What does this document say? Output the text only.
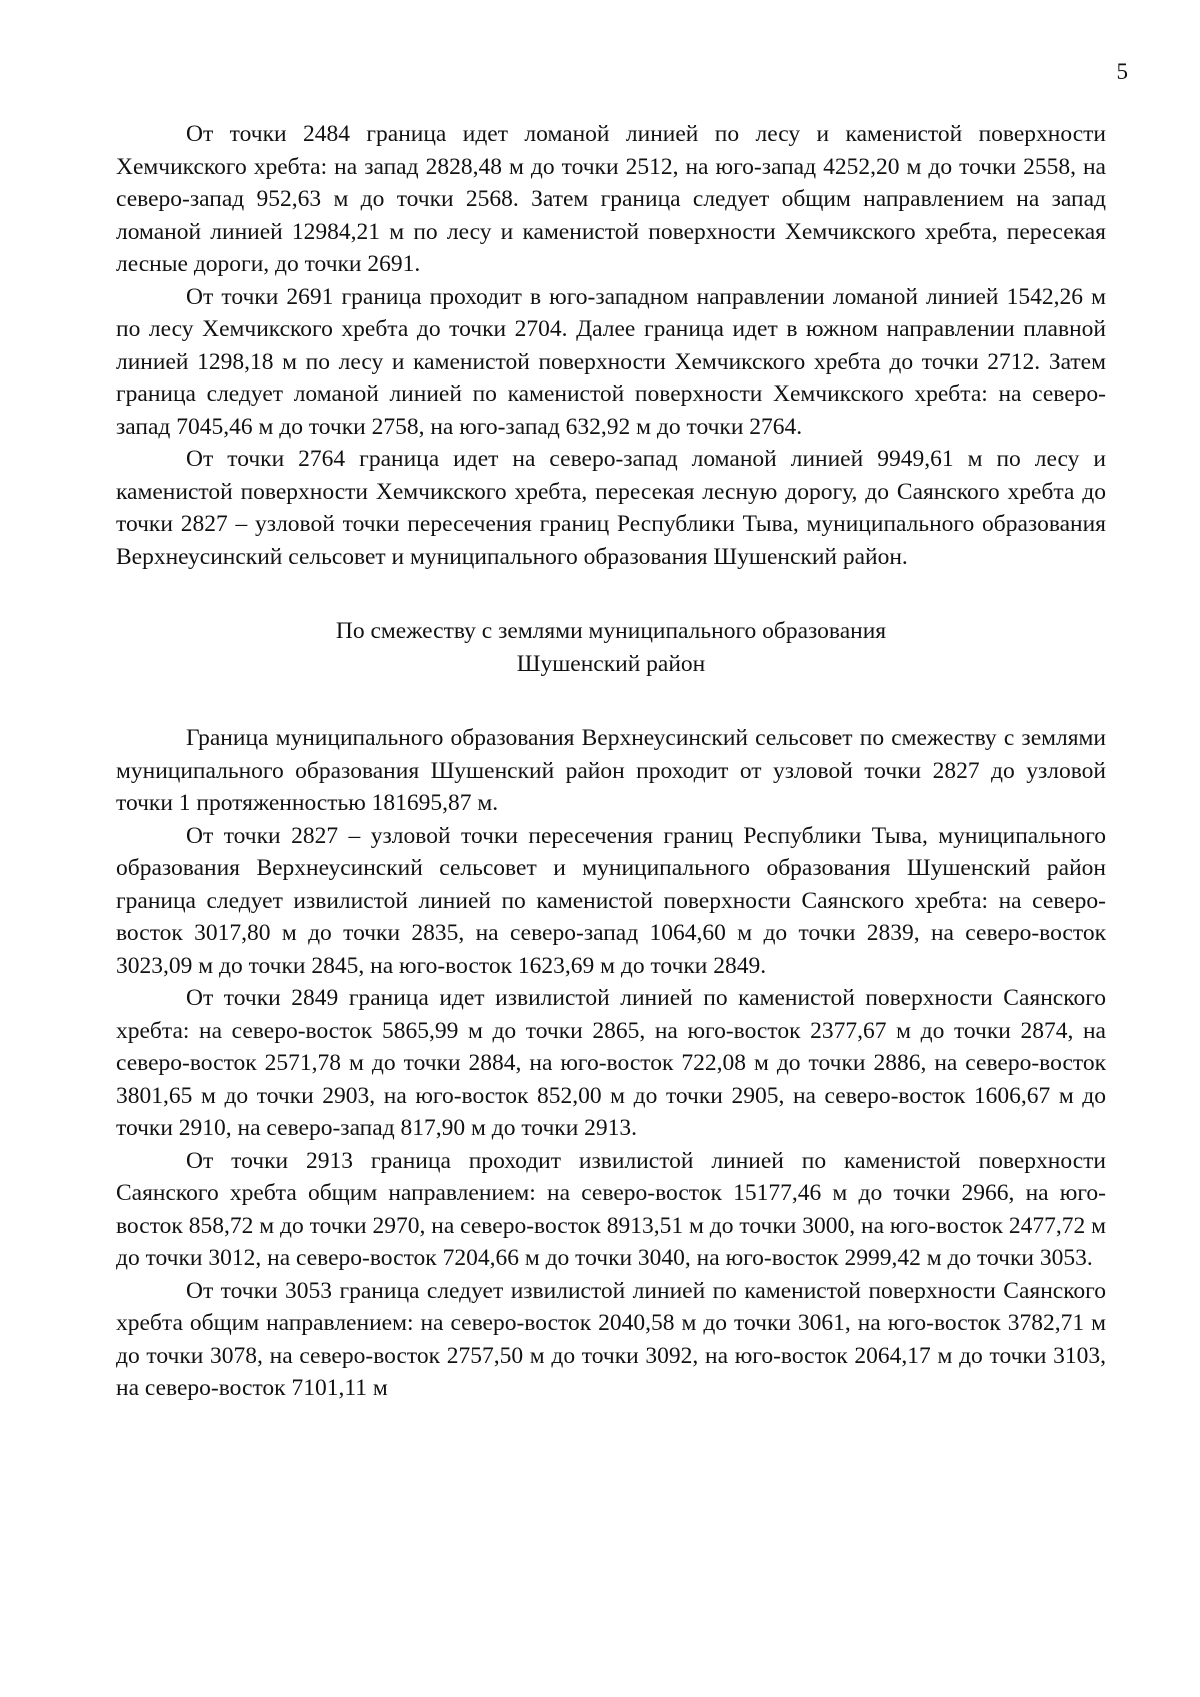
5

От точки 2484 граница идет ломаной линией по лесу и каменистой поверхности Хемчикского хребта: на запад 2828,48 м до точки 2512, на юго-запад 4252,20 м до точки 2558, на северо-запад 952,63 м до точки 2568. Затем граница следует общим направлением на запад ломаной линией 12984,21 м по лесу и каменистой поверхности Хемчикского хребта, пересекая лесные дороги, до точки 2691.

От точки 2691 граница проходит в юго-западном направлении ломаной линией 1542,26 м по лесу Хемчикского хребта до точки 2704. Далее граница идет в южном направлении плавной линией 1298,18 м по лесу и каменистой поверхности Хемчикского хребта до точки 2712. Затем граница следует ломаной линией по каменистой поверхности Хемчикского хребта: на северо-запад 7045,46 м до точки 2758, на юго-запад 632,92 м до точки 2764.

От точки 2764 граница идет на северо-запад ломаной линией 9949,61 м по лесу и каменистой поверхности Хемчикского хребта, пересекая лесную дорогу, до Саянского хребта до точки 2827 – узловой точки пересечения границ Республики Тыва, муниципального образования Верхнеусинский сельсовет и муниципального образования Шушенский район.

По смежеству с землями муниципального образования
Шушенский район

Граница муниципального образования Верхнеусинский сельсовет по смежеству с землями муниципального образования Шушенский район проходит от узловой точки 2827 до узловой точки 1 протяженностью 181695,87 м.

От точки 2827 – узловой точки пересечения границ Республики Тыва, муниципального образования Верхнеусинский сельсовет и муниципального образования Шушенский район граница следует извилистой линией по каменистой поверхности Саянского хребта: на северо-восток 3017,80 м до точки 2835, на северо-запад 1064,60 м до точки 2839, на северо-восток 3023,09 м до точки 2845, на юго-восток 1623,69 м до точки 2849.

От точки 2849 граница идет извилистой линией по каменистой поверхности Саянского хребта: на северо-восток 5865,99 м до точки 2865, на юго-восток 2377,67 м до точки 2874, на северо-восток 2571,78 м до точки 2884, на юго-восток 722,08 м до точки 2886, на северо-восток 3801,65 м до точки 2903, на юго-восток 852,00 м до точки 2905, на северо-восток 1606,67 м до точки 2910, на северо-запад 817,90 м до точки 2913.

От точки 2913 граница проходит извилистой линией по каменистой поверхности Саянского хребта общим направлением: на северо-восток 15177,46 м до точки 2966, на юго-восток 858,72 м до точки 2970, на северо-восток 8913,51 м до точки 3000, на юго-восток 2477,72 м до точки 3012, на северо-восток 7204,66 м до точки 3040, на юго-восток 2999,42 м до точки 3053.

От точки 3053 граница следует извилистой линией по каменистой поверхности Саянского хребта общим направлением: на северо-восток 2040,58 м до точки 3061, на юго-восток 3782,71 м до точки 3078, на северо-восток 2757,50 м до точки 3092, на юго-восток 2064,17 м до точки 3103, на северо-восток 7101,11 м
